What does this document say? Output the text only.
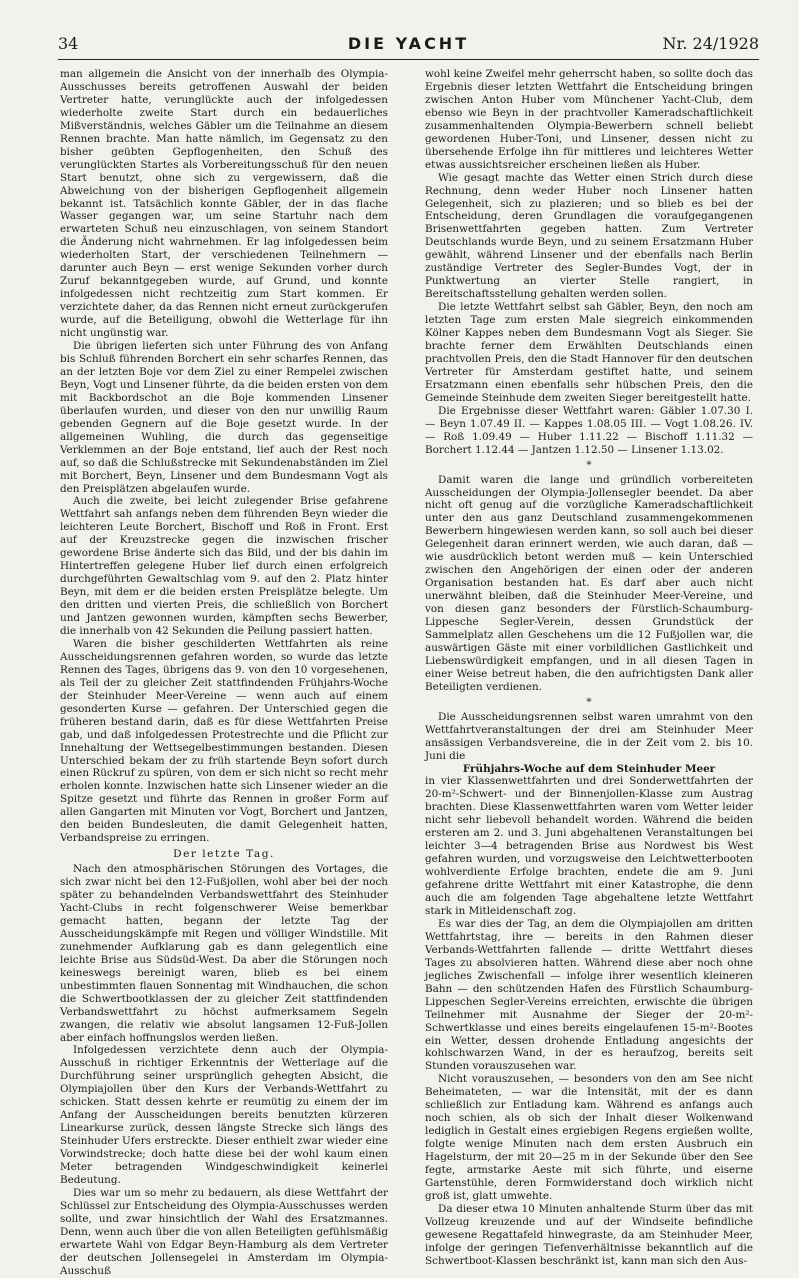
34	DIE YACHT	Nr. 24/1928

man allgemein die Ansicht von der innerhalb des Olympia-Ausschusses bereits getroffenen Auswahl der beiden Vertreter hatte, verunglückte auch der infolgedessen wiederholte zweite Start durch ein bedauerliches Mißverständnis, welches Gäbler um die Teilnahme an diesem Rennen brachte. Man hatte nämlich, im Gegensatz zu den bisher geübten Gepflogenheiten, den Schuß des verunglückten Startes als Vorbereitungsschuß für den neuen Start benutzt, ohne sich zu vergewissern, daß die Abweichung von der bisherigen Gepflogenheit allgemein bekannt ist. Tatsächlich konnte Gäbler, der in das flache Wasser gegangen war, um seine Startuhr nach dem erwarteten Schuß neu einzuschlagen, von seinem Standort die Änderung nicht wahrnehmen. Er lag infolgedessen beim wiederholten Start, der verschiedenen Teilnehmern — darunter auch Beyn — erst wenige Sekunden vorher durch Zuruf bekanntgegeben wurde, auf Grund, und konnte infolgedessen nicht rechtzeitig zum Start kommen. Er verzichtete daher, da das Rennen nicht erneut zurückgerufen wurde, auf die Beteiligung, obwohl die Wetterlage für ihn nicht ungünstig war.

Die übrigen lieferten sich unter Führung des von Anfang bis Schluß führenden Borchert ein sehr scharfes Rennen, das an der letzten Boje vor dem Ziel zu einer Rempelei zwischen Beyn, Vogt und Linsener führte, da die beiden ersten von dem mit Backbordschot an die Boje kommenden Linsener überlaufen wurden, und dieser von den nur unwillig Raum gebenden Gegnern auf die Boje gesetzt wurde. In der allgemeinen Wuhling, die durch das gegenseitige Verklemmen an der Boje entstand, lief auch der Rest noch auf, so daß die Schlußstrecke mit Sekundenabständen im Ziel mit Borchert, Beyn, Linsener und dem Bundesmann Vogt als den Preisplätzen abgelaufen wurde.

Auch die zweite, bei leicht zulegender Brise gefahrene Wettfahrt sah anfangs neben dem führenden Beyn wieder die leichteren Leute Borchert, Bischoff und Roß in Front. Erst auf der Kreuzstrecke gegen die inzwischen frischer gewordene Brise änderte sich das Bild, und der bis dahin im Hintertreffen gelegene Huber lief durch einen erfolgreich durchgeführten Gewaltschlag vom 9. auf den 2. Platz hinter Beyn, mit dem er die beiden ersten Preisplätze belegte. Um den dritten und vierten Preis, die schließlich von Borchert und Jantzen gewonnen wurden, kämpften sechs Bewerber, die innerhalb von 42 Sekunden die Peilung passiert hatten.

Waren die bisher geschilderten Wettfahrten als reine Ausscheidungsrennen gefahren worden, so wurde das letzte Rennen des Tages, übrigens das 9. von den 10 vorgesehenen, als Teil der zu gleicher Zeit stattfindenden Frühjahrs-Woche der Steinhuder Meer-Vereine — wenn auch auf einem gesonderten Kurse — gefahren. Der Unterschied gegen die früheren bestand darin, daß es für diese Wettfahrten Preise gab, und daß infolgedessen Protestrechte und die Pflicht zur Innehaltung der Wettsegelbestimmungen bestanden. Diesen Unterschied bekam der zu früh startende Beyn sofort durch einen Rückruf zu spüren, von dem er sich nicht so recht mehr erholen konnte. Inzwischen hatte sich Linsener wieder an die Spitze gesetzt und führte das Rennen in großer Form auf allen Gangarten mit Minuten vor Vogt, Borchert und Jantzen, den beiden Bundesleuten, die damit Gelegenheit hatten, Verbandspreise zu erringen.

Der letzte Tag.

Nach den atmosphärischen Störungen des Vortages, die sich zwar nicht bei den 12-Fußjollen, wohl aber bei der noch später zu behandelnden Verbandswettfahrt des Steinhuder Yacht-Clubs in recht folgenschwerer Weise bemerkbar gemacht hatten, begann der letzte Tag der Ausscheidungskämpfe mit Regen und völliger Windstille. Mit zunehmender Aufklarung gab es dann gelegentlich eine leichte Brise aus Südsüd-West. Da aber die Störungen noch keineswegs bereinigt waren, blieb es bei einem unbestimmten flauen Sonnentag mit Windhauchen, die schon die Schwertbootklassen der zu gleicher Zeit stattfindenden Verbandswettfahrt zu höchst aufmerksamem Segeln zwangen, die relativ wie absolut langsamen 12-Fuß-Jollen aber einfach hoffnungslos werden ließen.

Infolgedessen verzichtete denn auch der Olympia-Ausschuß in richtiger Erkenntnis der Wetterlage auf die Durchführung seiner ursprünglich gehegten Absicht, die Olympiajollen über den Kurs der Verbands-Wettfahrt zu schicken. Statt dessen kehrte er reumütig zu einem der im Anfang der Ausscheidungen bereits benutzten kürzeren Linearkurse zurück, dessen längste Strecke sich längs des Steinhuder Ufers erstreckte. Dieser enthielt zwar wieder eine Vorwindstrecke; doch hatte diese bei der wohl kaum einen Meter betragenden Windgeschwindigkeit keinerlei Bedeutung.

Dies war um so mehr zu bedauern, als diese Wettfahrt der Schlüssel zur Entscheidung des Olympia-Ausschusses werden sollte, und zwar hinsichtlich der Wahl des Ersatzmannes. Denn, wenn auch über die von allen Beteiligten gefühlsmäßig erwartete Wahl von Edgar Beyn-Hamburg als dem Vertreter der deutschen Jollensegelei in Amsterdam im Olympia-Ausschuß

wohl keine Zweifel mehr geherrscht haben, so sollte doch das Ergebnis dieser letzten Wettfahrt die Entscheidung bringen zwischen Anton Huber vom Münchener Yacht-Club, dem ebenso wie Beyn in der prachtvoller Kameradschaftlichkeit zusammenhaltenden Olympia-Bewerbern schnell beliebt gewordenen Huber-Toni, und Linsener, dessen nicht zu übersehende Erfolge ihn für mittleres und leichteres Wetter etwas aussichtsreicher erscheinen ließen als Huber.

Wie gesagt machte das Wetter einen Strich durch diese Rechnung, denn weder Huber noch Linsener hatten Gelegenheit, sich zu plazieren; und so blieb es bei der Entscheidung, deren Grundlagen die voraufgegangenen Brisenwettfahrten gegeben hatten. Zum Vertreter Deutschlands wurde Beyn, und zu seinem Ersatzmann Huber gewählt, während Linsener und der ebenfalls nach Berlin zuständige Vertreter des Segler-Bundes Vogt, der in Punktwertung an vierter Stelle rangiert, in Bereitschaftsstellung gehalten werden sollen.

Die letzte Wettfahrt selbst sah Gäbler, Beyn, den noch am letzten Tage zum ersten Male siegreich einkommenden Kölner Kappes neben dem Bundesmann Vogt als Sieger. Sie brachte ferner dem Erwählten Deutschlands einen prachtvollen Preis, den die Stadt Hannover für den deutschen Vertreter für Amsterdam gestiftet hatte, und seinem Ersatzmann einen ebenfalls sehr hübschen Preis, den die Gemeinde Steinhude dem zweiten Sieger bereitgestellt hatte.

Die Ergebnisse dieser Wettfahrt waren: Gäbler 1.07.30 I. — Beyn 1.07.49 II. — Kappes 1.08.05 III. — Vogt 1.08.26. IV. — Roß 1.09.49 — Huber 1.11.22 — Bischoff 1.11.32 — Borchert 1.12.44 — Jantzen 1.12.50 — Linsener 1.13.02.

*

Damit waren die lange und gründlich vorbereiteten Ausscheidungen der Olympia-Jollensegler beendet. Da aber nicht oft genug auf die vorzügliche Kameradschaftlichkeit unter den aus ganz Deutschland zusammengekommenen Bewerbern hingewiesen werden kann, so soll auch bei dieser Gelegenheit daran erinnert werden, wie auch daran, daß — wie ausdrücklich betont werden muß — kein Unterschied zwischen den Angehörigen der einen oder der anderen Organisation bestanden hat. Es darf aber auch nicht unerwähnt bleiben, daß die Steinhuder Meer-Vereine, und von diesen ganz besonders der Fürstlich-Schaumburg-Lippesche Segler-Verein, dessen Grundstück der Sammelplatz allen Geschehens um die 12 Fußjollen war, die auswärtigen Gäste mit einer vorbildlichen Gastlichkeit und Liebenswürdigkeit empfangen, und in all diesen Tagen in einer Weise betreut haben, die den aufrichtigsten Dank aller Beteiligten verdienen.

*

Die Ausscheidungsrennen selbst waren umrahmt von den Wettfahrtveranstaltungen der drei am Steinhuder Meer ansässigen Verbandsvereine, die in der Zeit vom 2. bis 10. Juni die

Frühjahrs-Woche auf dem Steinhuder Meer

in vier Klassenwettfahrten und drei Sonderwettfahrten der 20-m²-Schwert- und der Binnenjollen-Klasse zum Austrag brachten. Diese Klassenwettfahrten waren vom Wetter leider nicht sehr liebevoll behandelt worden. Während die beiden ersteren am 2. und 3. Juni abgehaltenen Veranstaltungen bei leichter 3—4 betragenden Brise aus Nordwest bis West gefahren wurden, und vorzugsweise den Leichtwetterbooten wohlverdiente Erfolge brachten, endete die am 9. Juni gefahrene dritte Wettfahrt mit einer Katastrophe, die denn auch die am folgenden Tage abgehaltene letzte Wettfahrt stark in Mitleidenschaft zog.

Es war dies der Tag, an dem die Olympiajollen am dritten Wettfahrtstag, ihre — bereits in den Rahmen dieser Verbands-Wettfahrten fallende — dritte Wettfahrt dieses Tages zu absolvieren hatten. Während diese aber noch ohne jegliches Zwischenfall — infolge ihrer wesentlich kleineren Bahn — den schützenden Hafen des Fürstlich Schaumburg-Lippeschen Segler-Vereins erreichten, erwischte die übrigen Teilnehmer mit Ausnahme der Sieger der 20-m²-Schwertklasse und eines bereits eingelaufenen 15-m²-Bootes ein Wetter, dessen drohende Entladung angesichts der kohlschwarzen Wand, in der es heraufzog, bereits seit Stunden vorauszusehen war.

Nicht vorauszusehen, — besonders von den am See nicht Beheimateten, — war die Intensität, mit der es dann schließlich zur Entladung kam. Während es anfangs auch noch schien, als ob sich der Inhalt dieser Wolkenwand lediglich in Gestalt eines ergiebigen Regens ergießen wollte, folgte wenige Minuten nach dem ersten Ausbruch ein Hagelsturm, der mit 20—25 m in der Sekunde über den See fegte, armstarke Aeste mit sich führte, und eiserne Gartenstühle, deren Formwiderstand doch wirklich nicht groß ist, glatt umwehte.

Da dieser etwa 10 Minuten anhaltende Sturm über das mit Vollzeug kreuzende und auf der Windseite befindliche gewesene Regattafeld hinwegraste, da am Steinhuder Meer, infolge der geringen Tiefenverhältnisse bekanntlich auf die Schwertboot-Klassen beschränkt ist, kann man sich den Aus-
